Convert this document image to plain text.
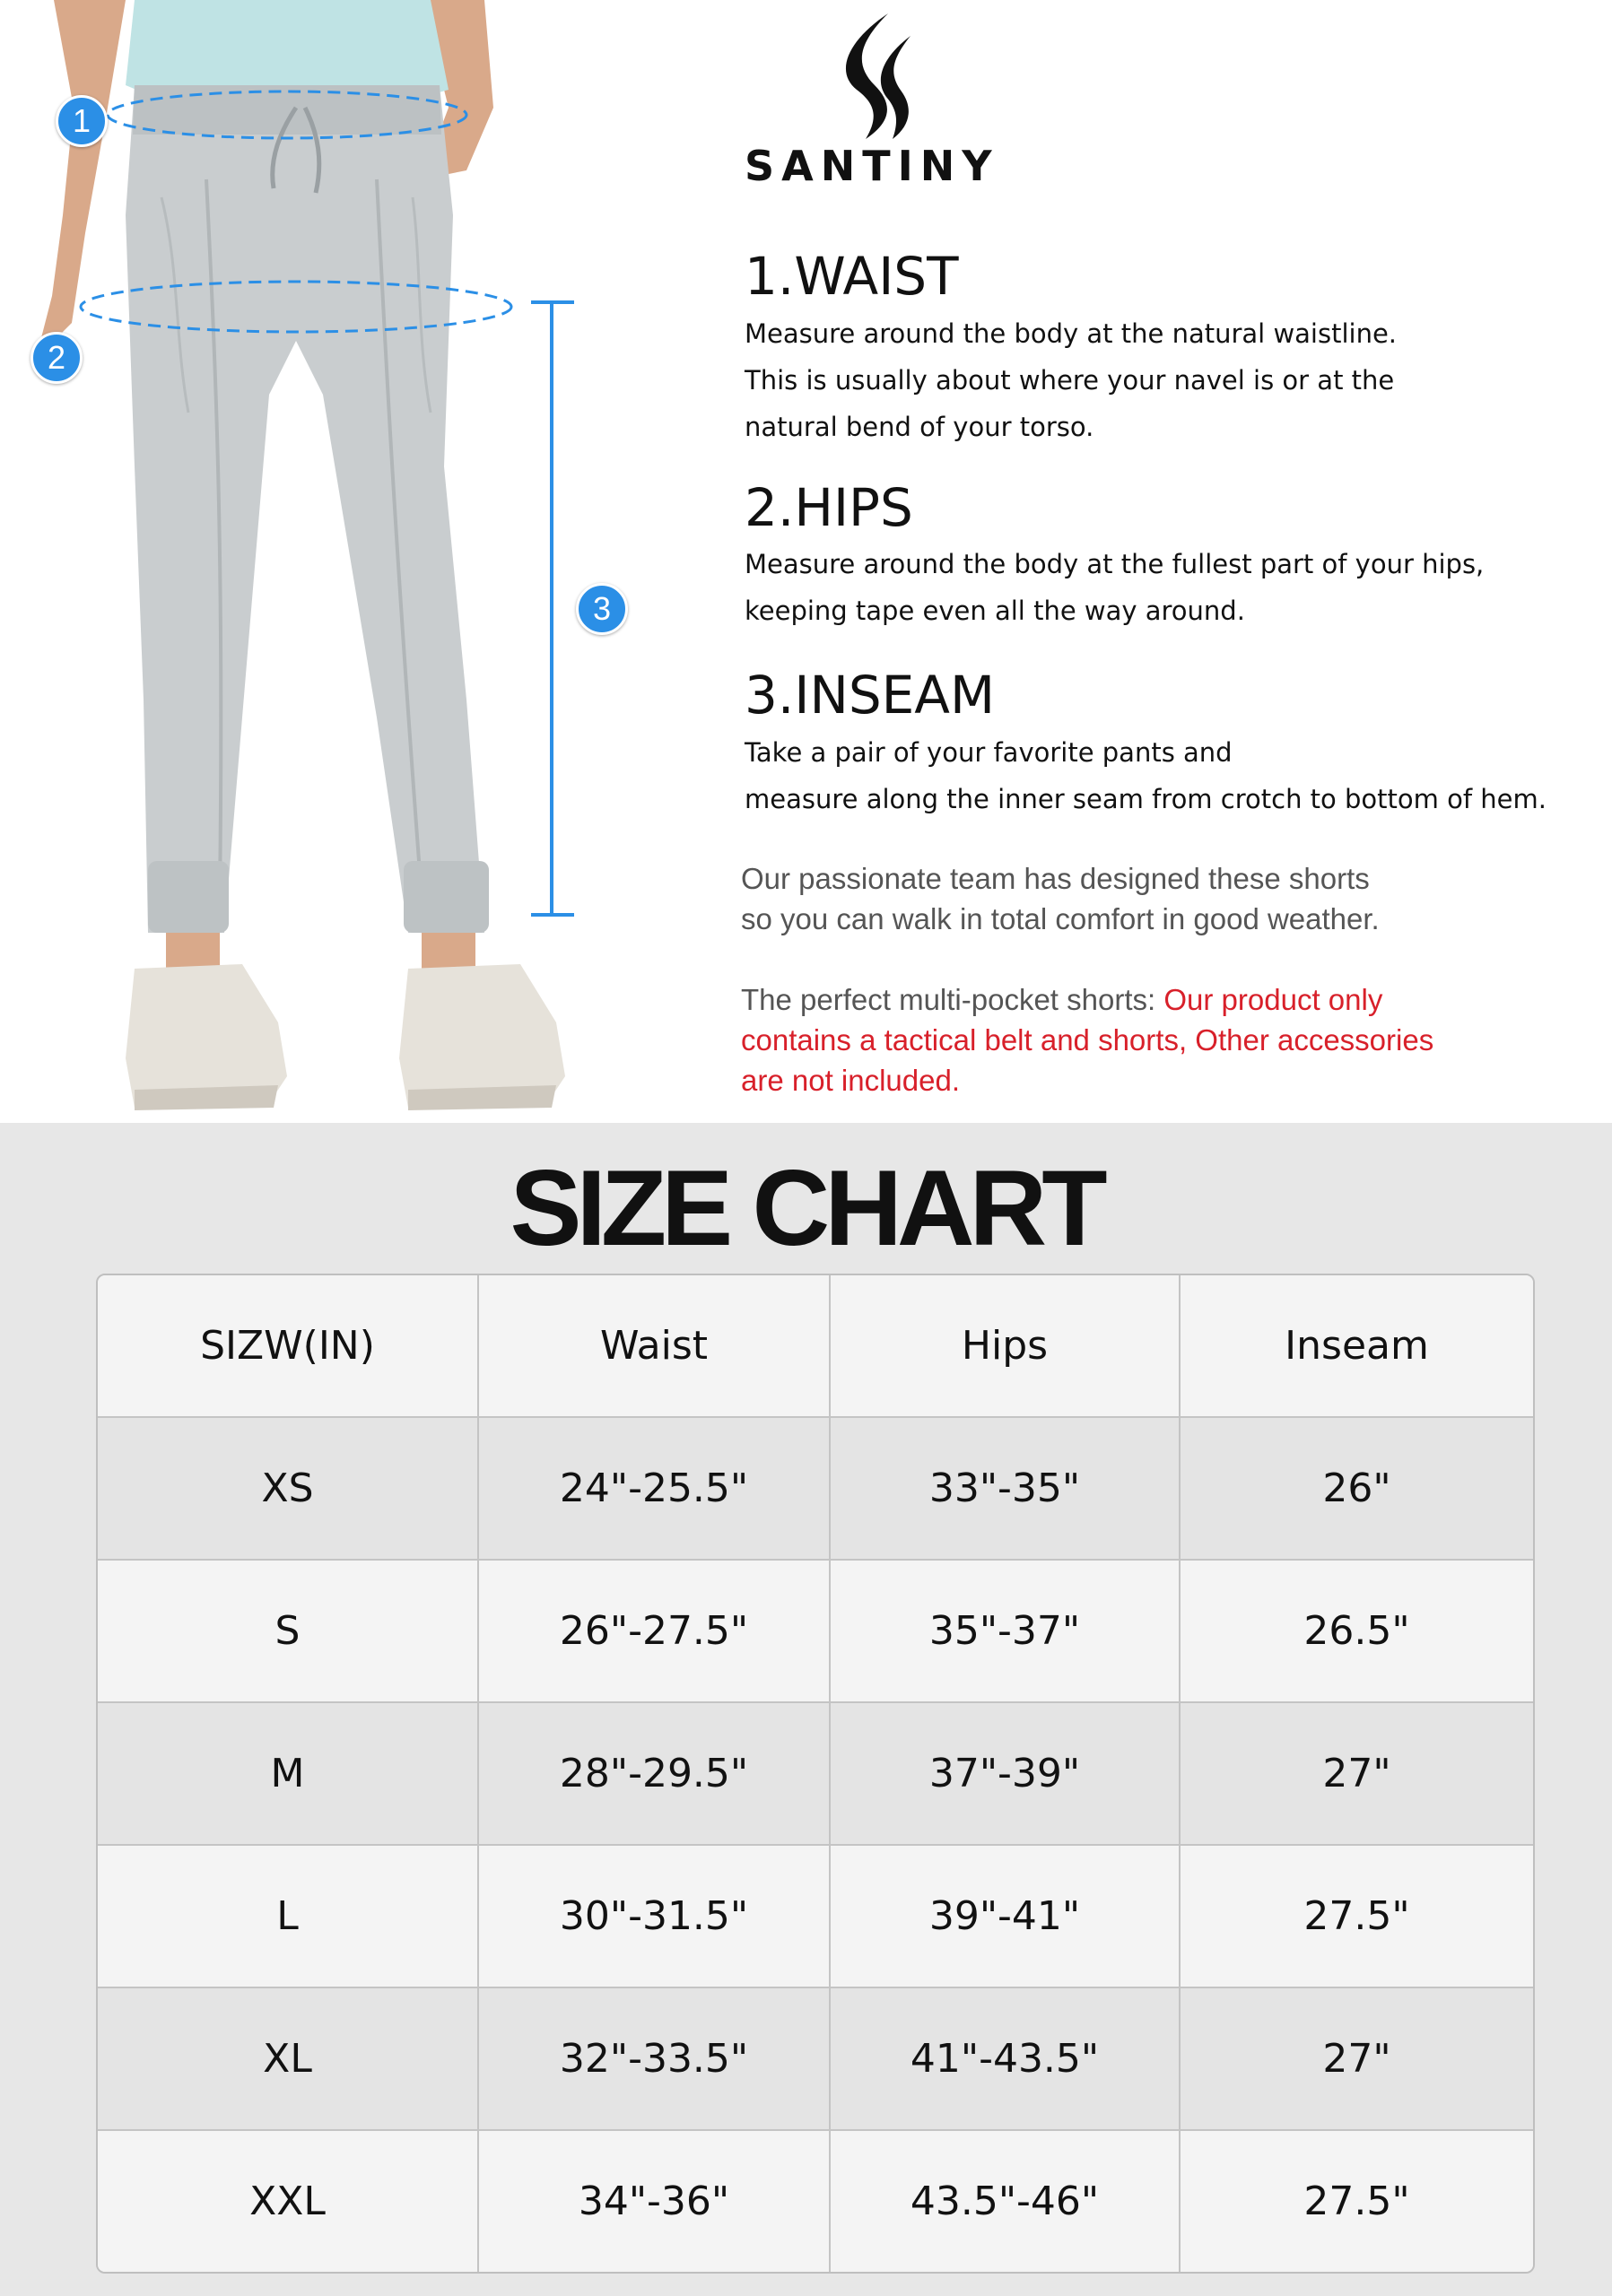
1
2
3
SANTINY
1.WAIST
Measure around the body at the natural waistline.
This is usually about where your navel is or at the
natural bend of your torso.
2.HIPS
Measure around the body at the fullest part of your hips,
keeping tape even all the way around.
3.INSEAM
Take a pair of your favorite pants and
measure along the inner seam from crotch to bottom of hem.
Our passionate team has designed these shorts
so you can walk in total comfort in good weather.
The perfect multi-pocket shorts: Our product only
contains a tactical belt and shorts, Other accessories
are not included.
SIZE CHART
SIZW(IN)	Waist	Hips	Inseam
XS	24"-25.5"	33"-35"	26"
S	26"-27.5"	35"-37"	26.5"
M	28"-29.5"	37"-39"	27"
L	30"-31.5"	39"-41"	27.5"
XL	32"-33.5"	41"-43.5"	27"
XXL	34"-36"	43.5"-46"	27.5"
